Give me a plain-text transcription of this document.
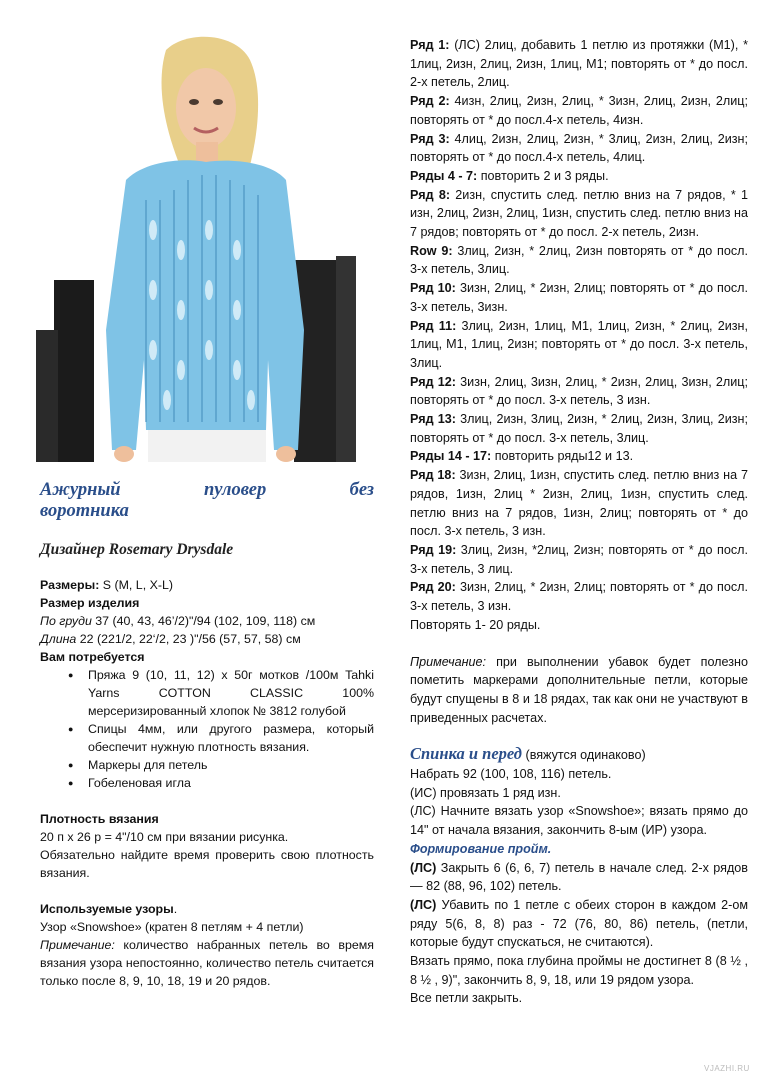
Ажурный пуловер без
воротника
Дизайнер Rosemary Drysdale
Размеры: S (M, L, X-L)
Размер изделия
По груди 37 (40, 43, 46’/2)"/94 (102, 109, 118) см
Длина 22 (221/2, 22‘/2, 23 )"/56 (57, 57, 58) см
Вам потребуется
● Пряжа 9 (10, 11, 12) х 50г мотков /100м Tahki Yarns COTTON CLASSIC 100% мерсеризированный хлопок № 3812 голубой
● Спицы 4мм, или другого размера, который обеспечит нужную плотность вязания.
● Маркеры для петель
● Гобеленовая игла
Плотность вязания
20 п х 26 р = 4"/10 см при вязании рисунка.
Обязательно найдите время проверить свою плотность вязания.
Используемые узоры.
Узор «Snowshoe» (кратен 8 петлям + 4 петли)
Примечание: количество набранных петель во время вязания узора непостоянно, количество петель считается только после 8, 9, 10, 18, 19 и 20 рядов.

Ряд 1: (ЛС) 2лиц, добавить 1 петлю из протяжки (М1), * 1лиц, 2изн, 2лиц, 2изн, 1лиц, М1; повторять от * до посл. 2-х петель, 2лиц.

Ряд 2: 4изн, 2лиц, 2изн, 2лиц, * 3изн, 2лиц, 2изн, 2лиц; повторять от * до посл.4-х петель, 4изн.

Ряд 3: 4лиц, 2изн, 2лиц, 2изн, * 3лиц, 2изн, 2лиц, 2изн; повторять от * до посл.4-х петель, 4лиц.

Ряды 4 - 7: повторить 2 и 3 ряды.

Ряд 8: 2изн, спустить след. петлю вниз на 7 рядов, * 1 изн, 2лиц, 2изн, 2лиц, 1изн, спустить след. петлю вниз на 7 рядов; повторять от * до посл. 2-х петель, 2изн.

Row 9: 3лиц, 2изн, * 2лиц, 2изн повторять от * до посл. 3-х петель, 3лиц.

Ряд 10: 3изн, 2лиц, * 2изн, 2лиц; повторять от * до посл. 3-х петель, 3изн.

Ряд 11: 3лиц, 2изн, 1лиц, М1, 1лиц, 2изн, * 2лиц, 2изн, 1лиц, М1, 1лиц, 2изн; повторять от * до посл. 3-х петель, 3лиц.

Ряд 12: 3изн, 2лиц, 3изн, 2лиц, * 2изн, 2лиц, 3изн, 2лиц; повторять от * до посл. 3-х петель, 3 изн.

Ряд 13: 3лиц, 2изн, 3лиц, 2изн, * 2лиц, 2изн, 3лиц, 2изн; повторять от * до посл. 3-х петель, 3лиц.

Ряды 14 - 17: повторить ряды12 и 13.

Ряд 18: 3изн, 2лиц, 1изн, спустить след. петлю вниз на 7 рядов, 1изн, 2лиц * 2изн, 2лиц, 1изн, спустить след. петлю вниз на 7 рядов, 1изн, 2лиц; повторять от * до посл. 3-х петель, 3 изн.

Ряд 19: 3лиц, 2изн, *2лиц, 2изн; повторять от * до посл. 3-х петель, 3 лиц.

Ряд 20: 3изн, 2лиц, * 2изн, 2лиц; повторять от * до посл. 3-х петель, 3 изн.

Повторять 1- 20 ряды.

Примечание: при выполнении убавок будет полезно пометить маркерами дополнительные петли, которые будут спущены в 8 и 18 рядах, так как они не участвуют в приведенных расчетах.

Спинка и перед (вяжутся одинаково)

Набрать 92 (100, 108, 116) петель.

(ИС) провязать 1 ряд изн.

(ЛС) Начните вязать узор «Snowshoe»; вязать прямо до 14" от начала вязания, закончить 8-ым (ИР) узора.

Формирование пройм.

(ЛС) Закрыть 6 (6, 6, 7) петель в начале след. 2-х рядов — 82 (88, 96, 102) петель.

(ЛС) Убавить по 1 петле с обеих сторон в каждом 2-ом ряду 5(6, 8, 8) раз - 72 (76, 80, 86) петель, (петли, которые будут спускаться, не считаются).

Вязать прямо, пока глубина проймы не достигнет 8 (8 ½ , 8 ½ , 9)", закончить 8, 9, 18, или 19 рядом узора.

Все петли закрыть.

VJAZHI.RU
